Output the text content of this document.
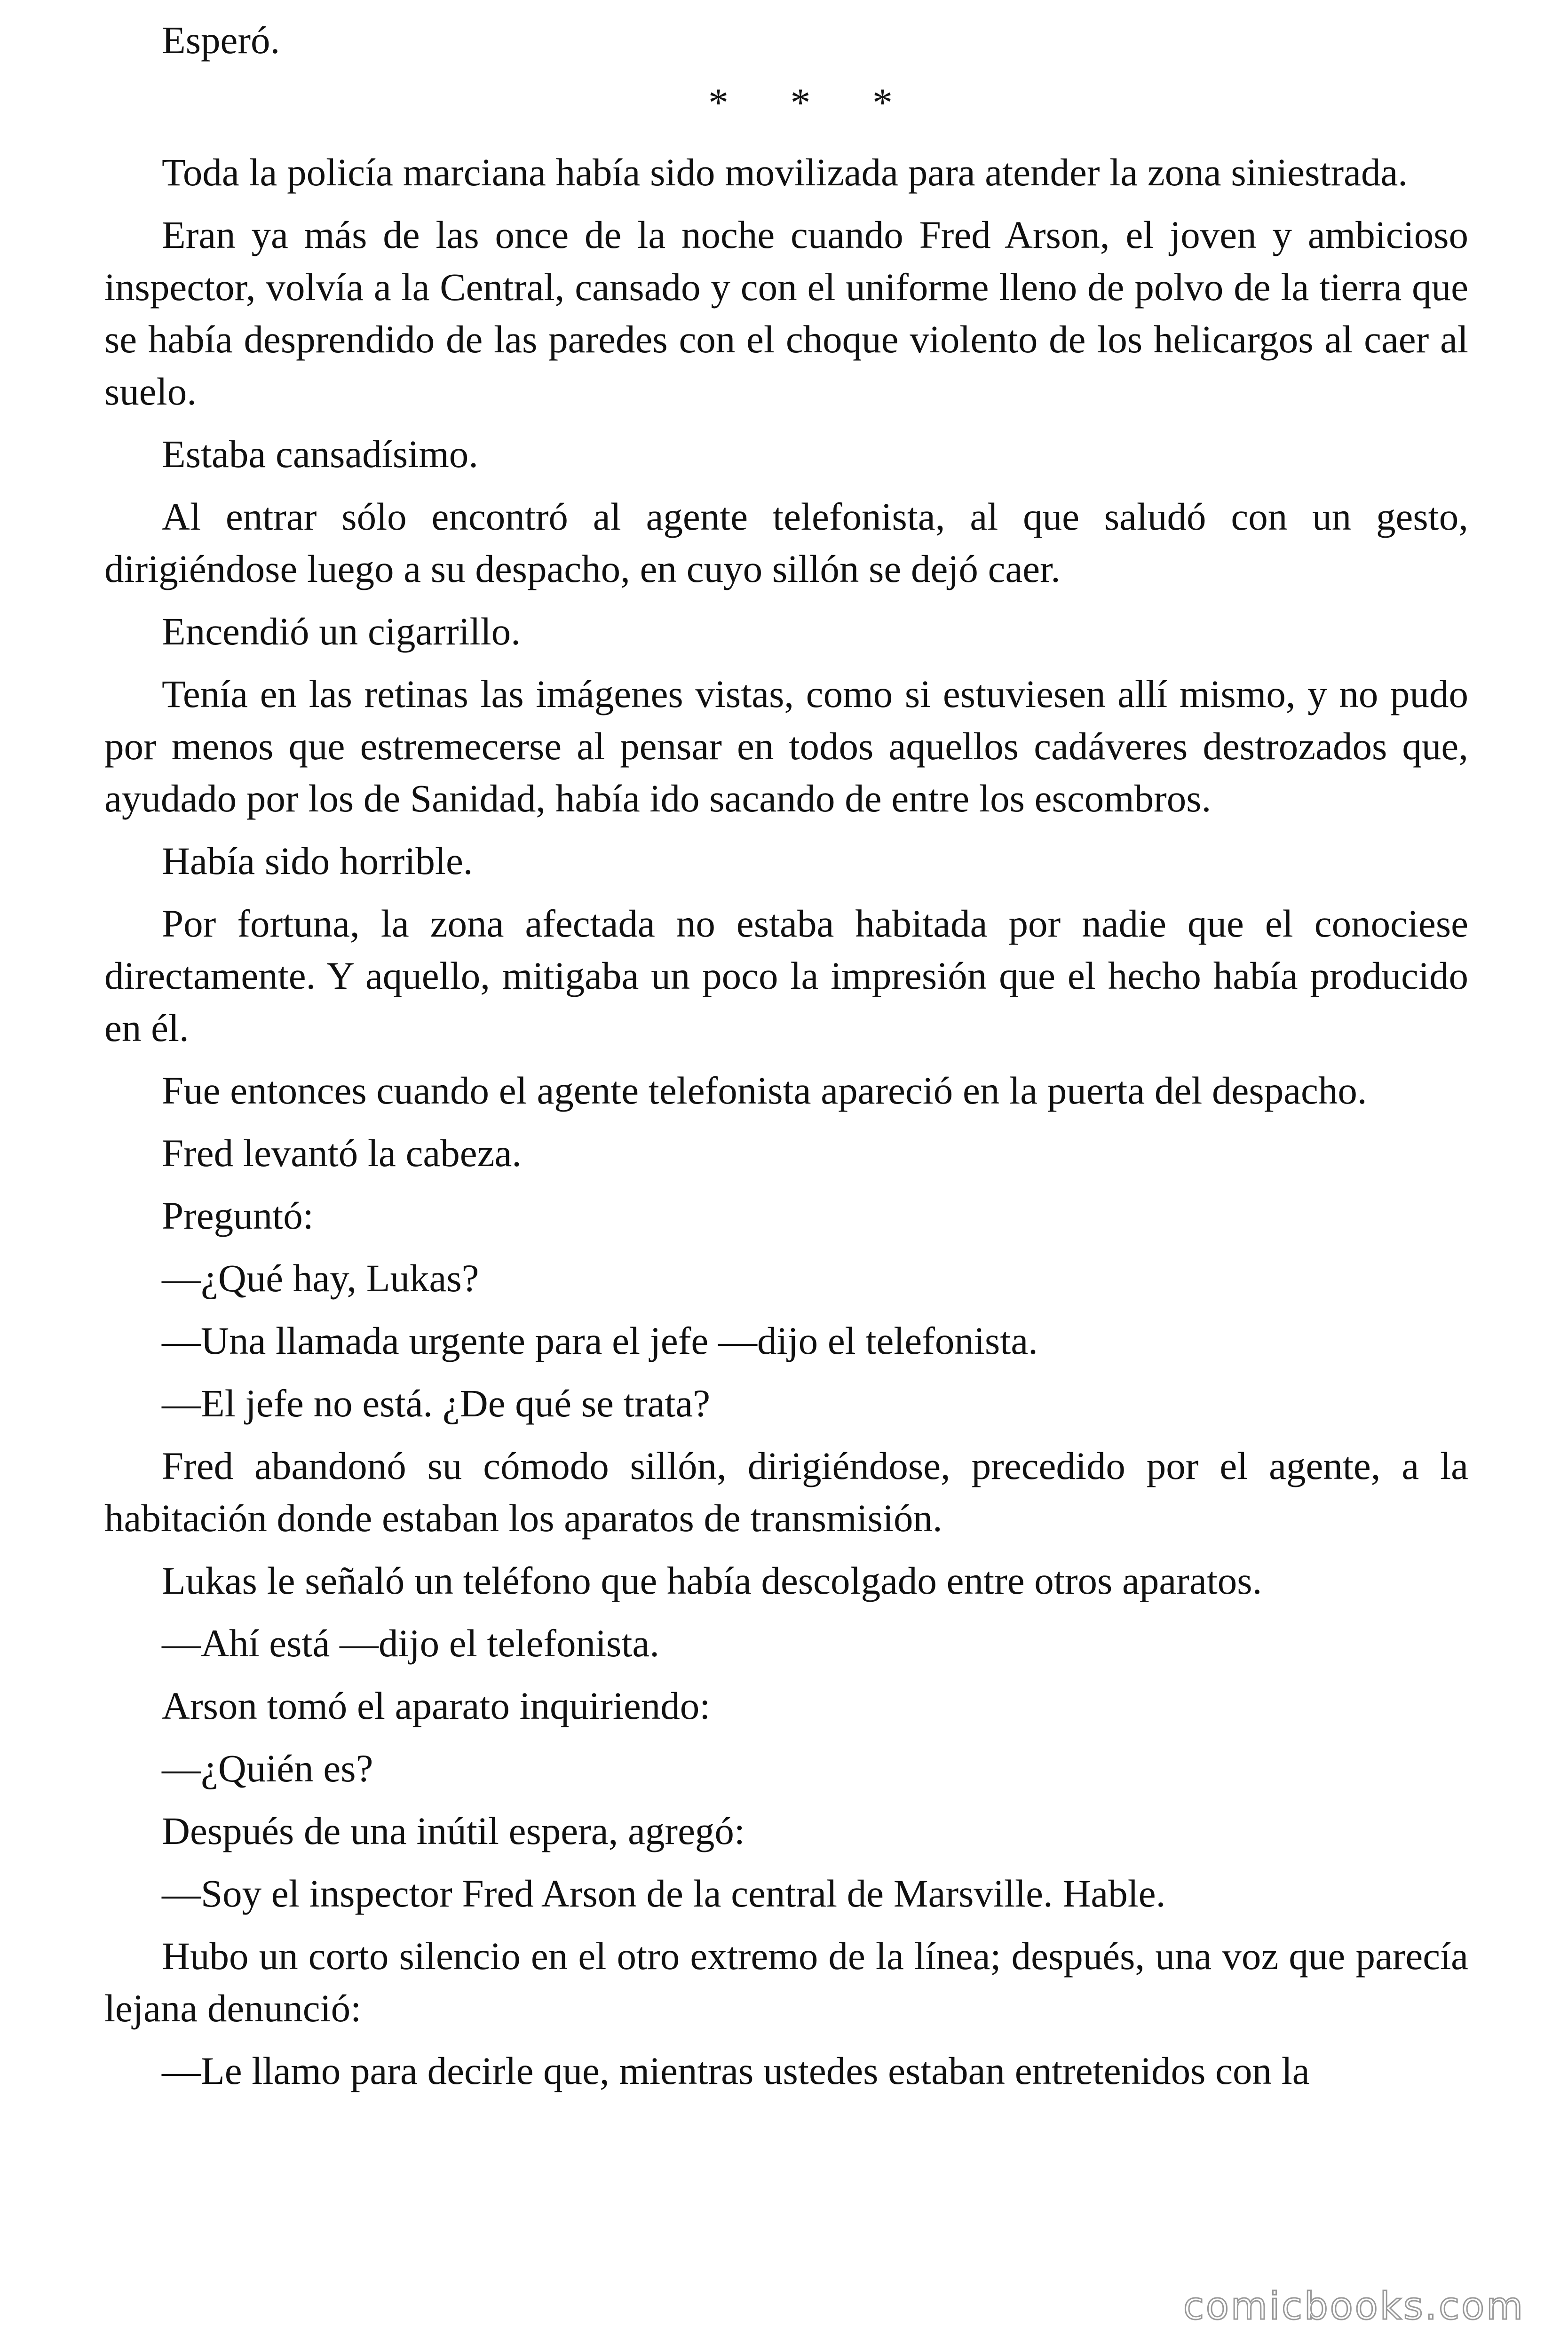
Esperó.

* * *

Toda la policía marciana había sido movilizada para atender la zona siniestrada.

Eran ya más de las once de la noche cuando Fred Arson, el joven y ambicioso inspector, volvía a la Central, cansado y con el uniforme lleno de polvo de la tierra que se había desprendido de las paredes con el choque violento de los helicargos al caer al suelo.

Estaba cansadísimo.

Al entrar sólo encontró al agente telefonista, al que saludó con un gesto, dirigiéndose luego a su despacho, en cuyo sillón se dejó caer.

Encendió un cigarrillo.

Tenía en las retinas las imágenes vistas, como si estuviesen allí mismo, y no pudo por menos que estremecerse al pensar en todos aquellos cadáveres destrozados que, ayudado por los de Sanidad, había ido sacando de entre los escombros.

Había sido horrible.

Por fortuna, la zona afectada no estaba habitada por nadie que el conociese directamente. Y aquello, mitigaba un poco la impresión que el hecho había producido en él.

Fue entonces cuando el agente telefonista apareció en la puerta del despacho.

Fred levantó la cabeza.

Preguntó:

—¿Qué hay, Lukas?

—Una llamada urgente para el jefe —dijo el telefonista.

—El jefe no está. ¿De qué se trata?

Fred abandonó su cómodo sillón, dirigiéndose, precedido por el agente, a la habitación donde estaban los aparatos de transmisión.

Lukas le señaló un teléfono que había descolgado entre otros aparatos.

—Ahí está —dijo el telefonista.

Arson tomó el aparato inquiriendo:

—¿Quién es?

Después de una inútil espera, agregó:

—Soy el inspector Fred Arson de la central de Marsville. Hable.

Hubo un corto silencio en el otro extremo de la línea; después, una voz que parecía lejana denunció:

—Le llamo para decirle que, mientras ustedes estaban entretenidos con la

comicbooks.com
